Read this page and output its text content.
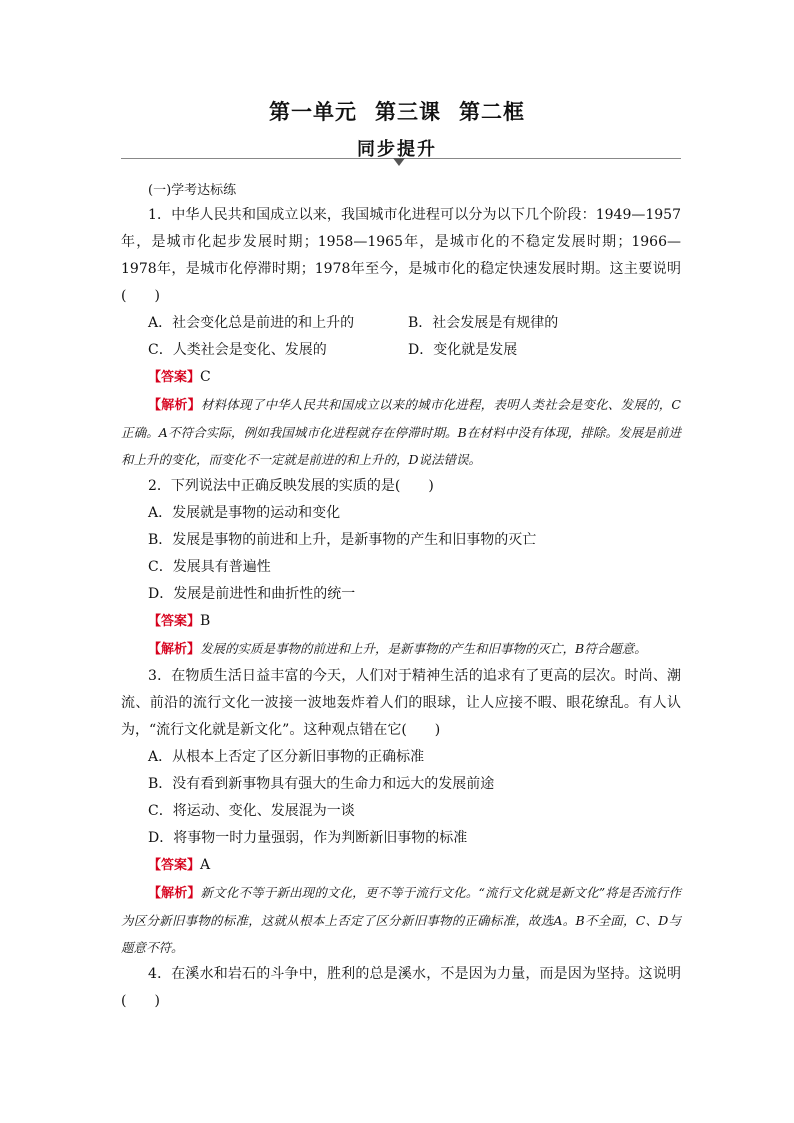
第一单元 第三课 第二框
同步提升

(一)学考达标练

1．中华人民共和国成立以来，我国城市化进程可以分为以下几个阶段：1949—1957年，是城市化起步发展时期；1958—1965年，是城市化的不稳定发展时期；1966—1978年，是城市化停滞时期；1978年至今，是城市化的稳定快速发展时期。这主要说明(　　)

A．社会变化总是前进的和上升的	B．社会发展是有规律的
C．人类社会是变化、发展的	D．变化就是发展

【答案】C

【解析】材料体现了中华人民共和国成立以来的城市化进程，表明人类社会是变化、发展的，C正确。A不符合实际，例如我国城市化进程就存在停滞时期。B在材料中没有体现，排除。发展是前进和上升的变化，而变化不一定就是前进的和上升的，D说法错误。

2．下列说法中正确反映发展的实质的是(　　)

A．发展就是事物的运动和变化

B．发展是事物的前进和上升，是新事物的产生和旧事物的灭亡

C．发展具有普遍性

D．发展是前进性和曲折性的统一

【答案】B

【解析】发展的实质是事物的前进和上升，是新事物的产生和旧事物的灭亡，B符合题意。

3．在物质生活日益丰富的今天，人们对于精神生活的追求有了更高的层次。时尚、潮流、前沿的流行文化一波接一波地轰炸着人们的眼球，让人应接不暇、眼花缭乱。有人认为，“流行文化就是新文化”。这种观点错在它(　　)

A．从根本上否定了区分新旧事物的正确标准

B．没有看到新事物具有强大的生命力和远大的发展前途

C．将运动、变化、发展混为一谈

D．将事物一时力量强弱，作为判断新旧事物的标准

【答案】A

【解析】新文化不等于新出现的文化，更不等于流行文化。“流行文化就是新文化”将是否流行作为区分新旧事物的标准，这就从根本上否定了区分新旧事物的正确标准，故选A。B不全面，C、D与题意不符。

4．在溪水和岩石的斗争中，胜利的总是溪水，不是因为力量，而是因为坚持。这说明(　　)
